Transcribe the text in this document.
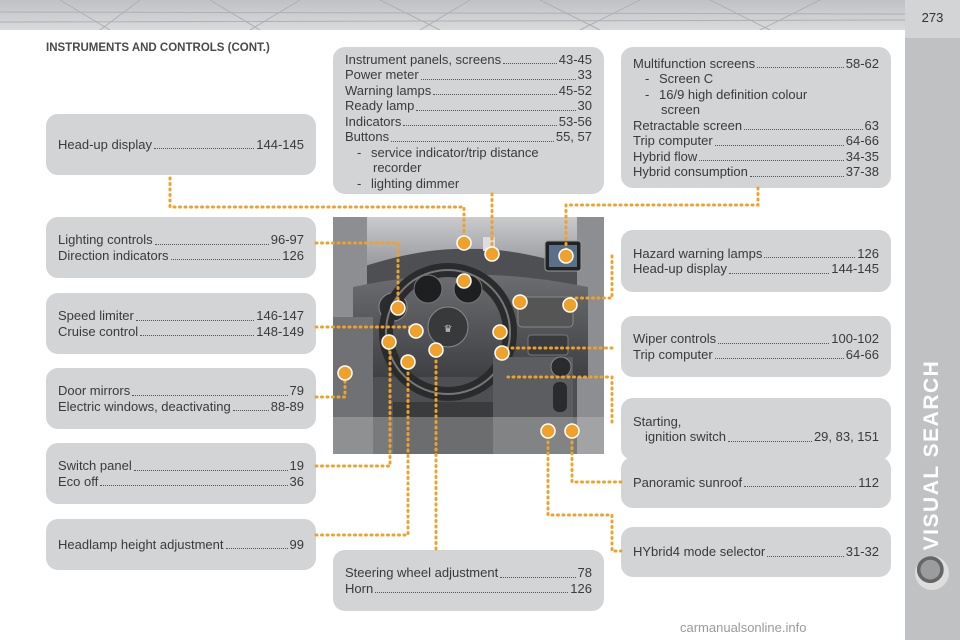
273
VISUAL SEARCH
INSTRUMENTS AND CONTROLS (CONT.)
Head-up display	144-145
Lighting controls	96-97
Direction indicators	126
Speed limiter	146-147
Cruise control	148-149
Door mirrors	79
Electric windows, deactivating	88-89
Switch panel	19
Eco off	36
Headlamp height adjustment	99
Instrument panels, screens	43-45
Power meter	33
Warning lamps	45-52
Ready lamp	30
Indicators	53-56
Buttons	55, 57
- service indicator/trip distance
recorder
- lighting dimmer
♛
Steering wheel adjustment	78
Horn	126
Multifunction screens	58-62
- Screen C
- 16/9 high definition colour
screen
Retractable screen	63
Trip computer	64-66
Hybrid flow	34-35
Hybrid consumption	37-38
Hazard warning lamps	126
Head-up display	144-145
Wiper controls	100-102
Trip computer	64-66
Starting,
ignition switch	29, 83, 151
Panoramic sunroof	112
HYbrid4 mode selector	31-32
carmanualsonline.info
